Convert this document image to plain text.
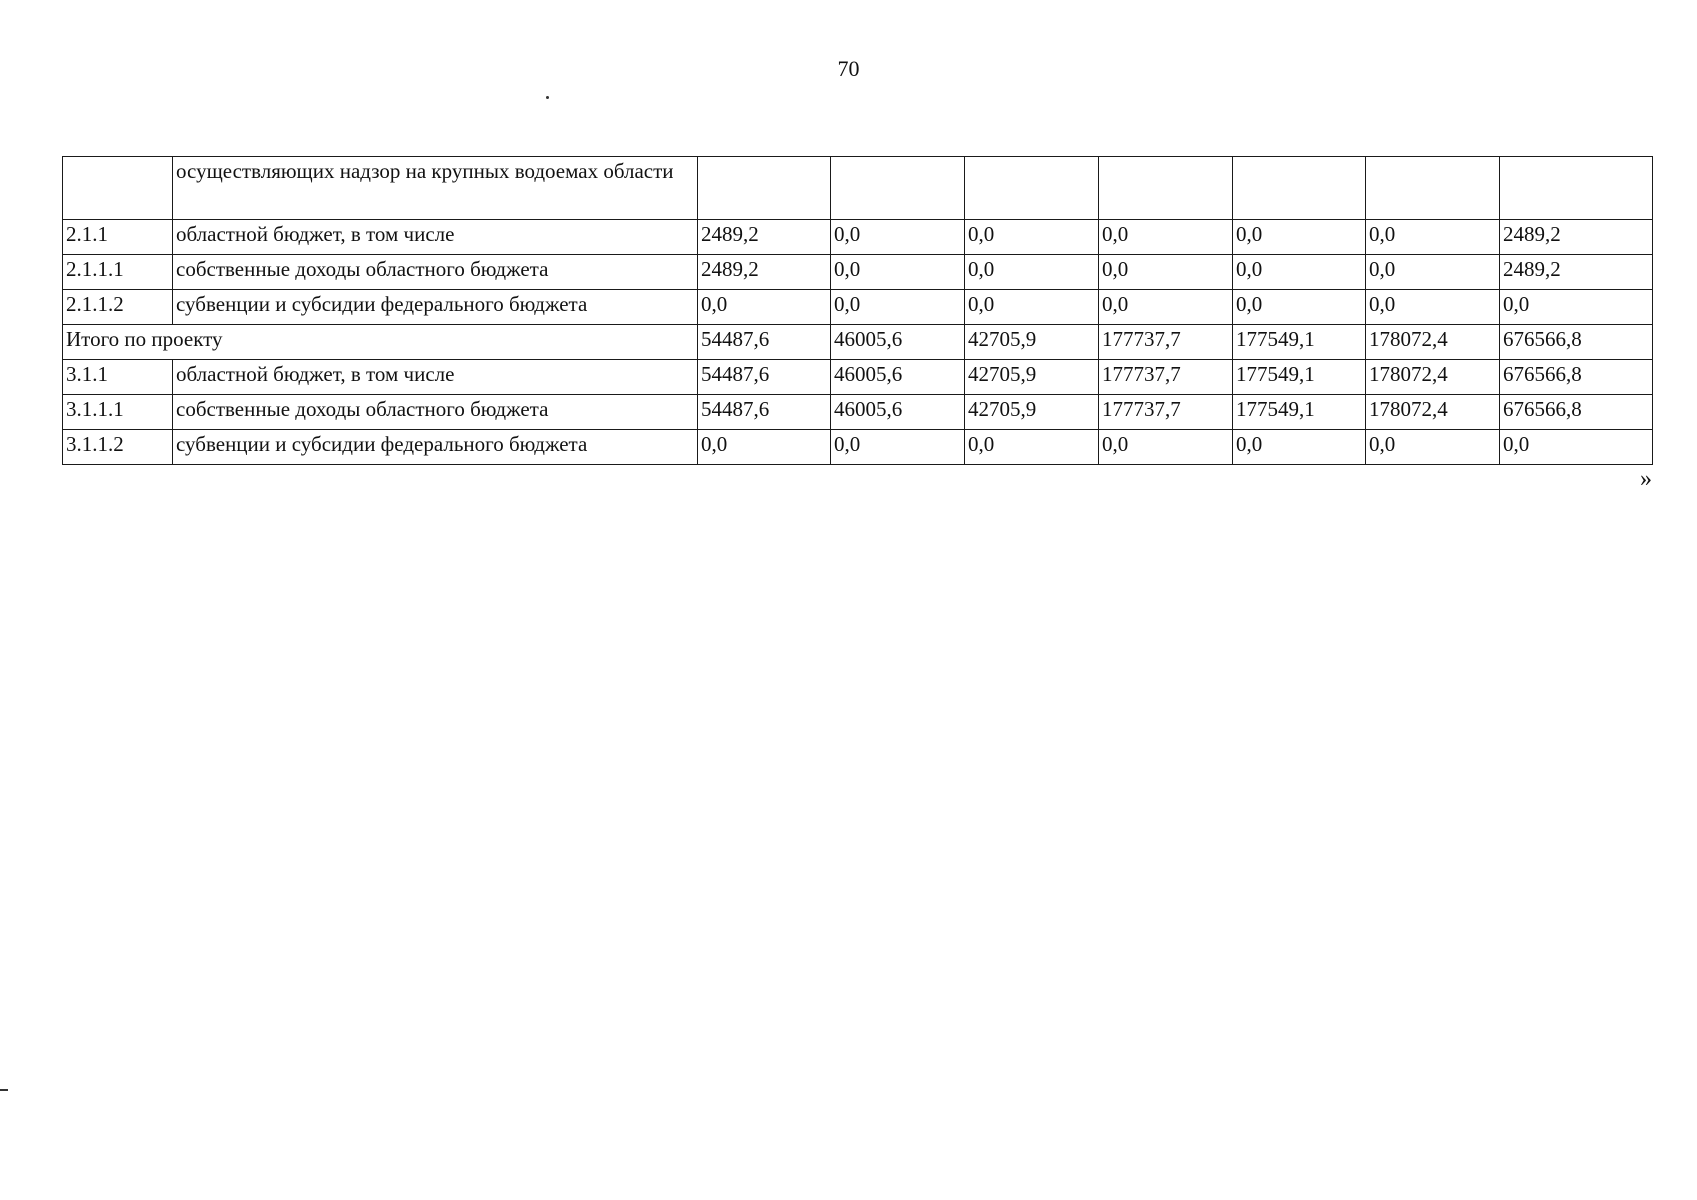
70
	осуществляющих надзор на крупных водоемах области							
2.1.1	областной бюджет, в том числе	2489,2	0,0	0,0	0,0	0,0	0,0	2489,2
2.1.1.1	собственные доходы областного бюджета	2489,2	0,0	0,0	0,0	0,0	0,0	2489,2
2.1.1.2	субвенции и субсидии федерального бюджета	0,0	0,0	0,0	0,0	0,0	0,0	0,0
Итого по проекту		54487,6	46005,6	42705,9	177737,7	177549,1	178072,4	676566,8
3.1.1	областной бюджет, в том числе	54487,6	46005,6	42705,9	177737,7	177549,1	178072,4	676566,8
3.1.1.1	собственные доходы областного бюджета	54487,6	46005,6	42705,9	177737,7	177549,1	178072,4	676566,8
3.1.1.2	субвенции и субсидии федерального бюджета	0,0	0,0	0,0	0,0	0,0	0,0	0,0
»
